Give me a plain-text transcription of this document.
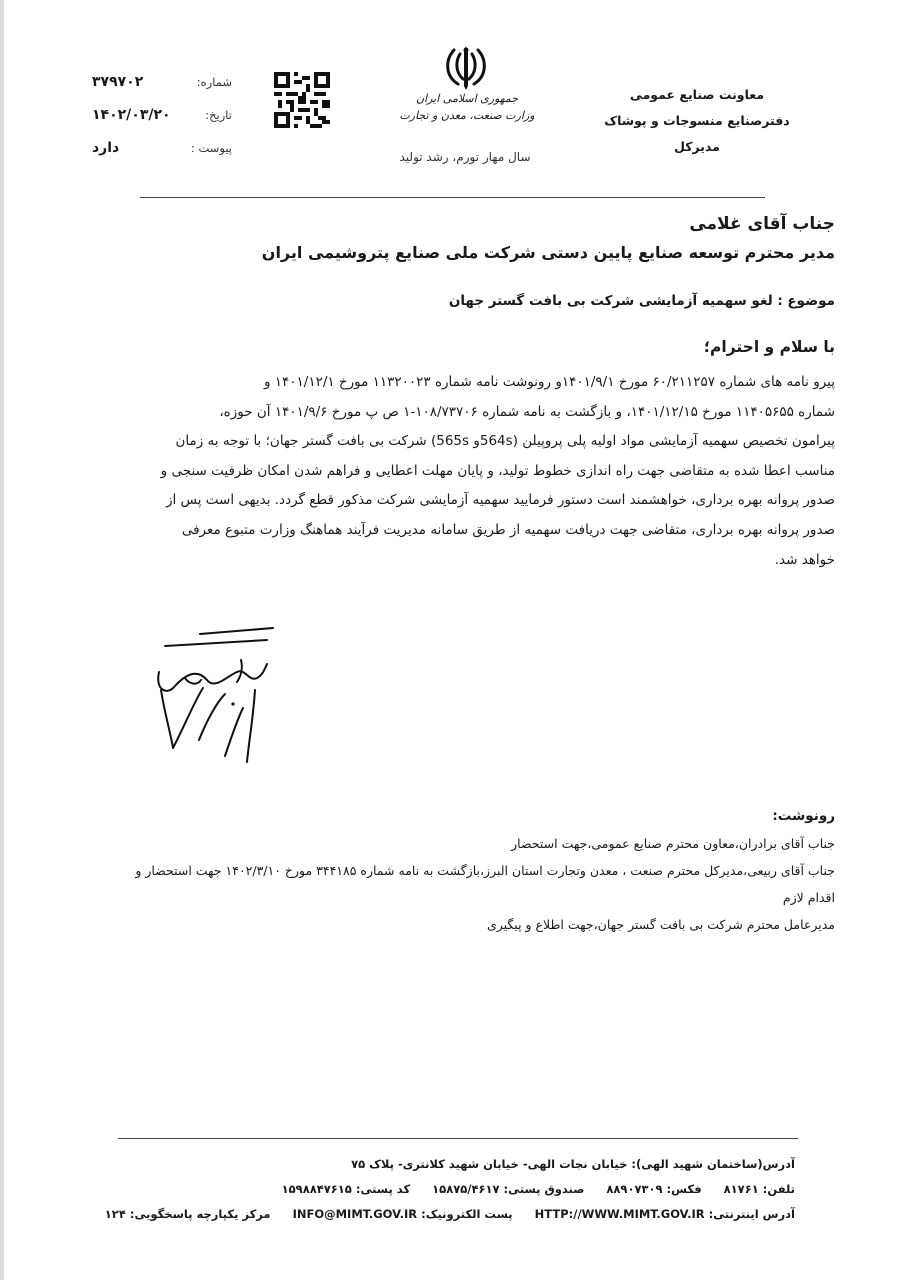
معاونت صنایع عمومی
دفترصنایع منسوجات و پوشاک
مدیرکل
جمهوری اسلامی ایران
وزارت صنعت، معدن و تجارت
سال مهار تورم، رشد تولید
شماره:
۳۷۹۷۰۲
تاریخ:
۱۴۰۲/۰۳/۲۰
پیوست :
دارد
جناب آقای غلامی
مدیر محترم توسعه صنایع پایین دستی شرکت ملی صنایع پتروشیمی ایران
موضوع : لغو سهمیه آزمایشی شرکت بی بافت گستر جهان
با سلام و احترام؛
پیرو نامه های شماره ۶۰/۲۱۱۲۵۷ مورخ ۱۴۰۱/۹/۱و رونوشت نامه شماره ۱۱۳۲۰۰۲۳ مورخ ۱۴۰۱/۱۲/۱ و
شماره ۱۱۴۰۵۶۵۵ مورخ ۱۴۰۱/۱۲/۱۵، و بازگشت به نامه شماره ۱۰۸/۷۳۷۰۶-۱ ص پ مورخ ۱۴۰۱/۹/۶ آن حوزه،
پیرامون تخصیص سهمیه آزمایشی مواد اولیه پلی پروپیلن (564sو 565s) شرکت بی بافت گستر جهان؛ با توجه به زمان
مناسب اعطا شده به متقاضی جهت راه اندازی خطوط تولید، و پایان مهلت اعطایی و فراهم شدن امکان ظرفیت سنجی و
صدور پروانه بهره برداری، خواهشمند است دستور فرمایید سهمیه آزمایشی شرکت مذکور قطع گردد. بدیهی است پس از
صدور پروانه بهره برداری، متقاضی جهت دریافت سهمیه از طریق سامانه مدیریت فرآیند هماهنگ وزارت متبوع معرفی
خواهد شد.
رونوشت:
جناب آقای برادران،معاون محترم صنایع عمومی،جهت استحضار
جناب آقای ربیعی،مدیرکل محترم صنعت ، معدن وتجارت استان البرز،بازگشت به نامه شماره ۳۴۴۱۸۵ مورخ ۱۴۰۲/۳/۱۰ جهت استحضار و
اقدام لازم
مدیرعامل محترم شرکت بی بافت گستر جهان،جهت اطلاع و پیگیری
آدرس(ساختمان شهید الهی): خیابان نجات الهی- خیابان شهید کلانتری- پلاک ۷۵
تلفن: ۸۱۷۶۱ فکس: ۸۸۹۰۷۳۰۹ صندوق پستی: ۱۵۸۷۵/۴۶۱۷ کد پستی: ۱۵۹۸۸۴۷۶۱۵
آدرس اینترنتی: HTTP://WWW.MIMT.GOV.IR پست الکترونیک: INFO@MIMT.GOV.IR مرکز یکپارچه پاسخگویی: ۱۲۴
